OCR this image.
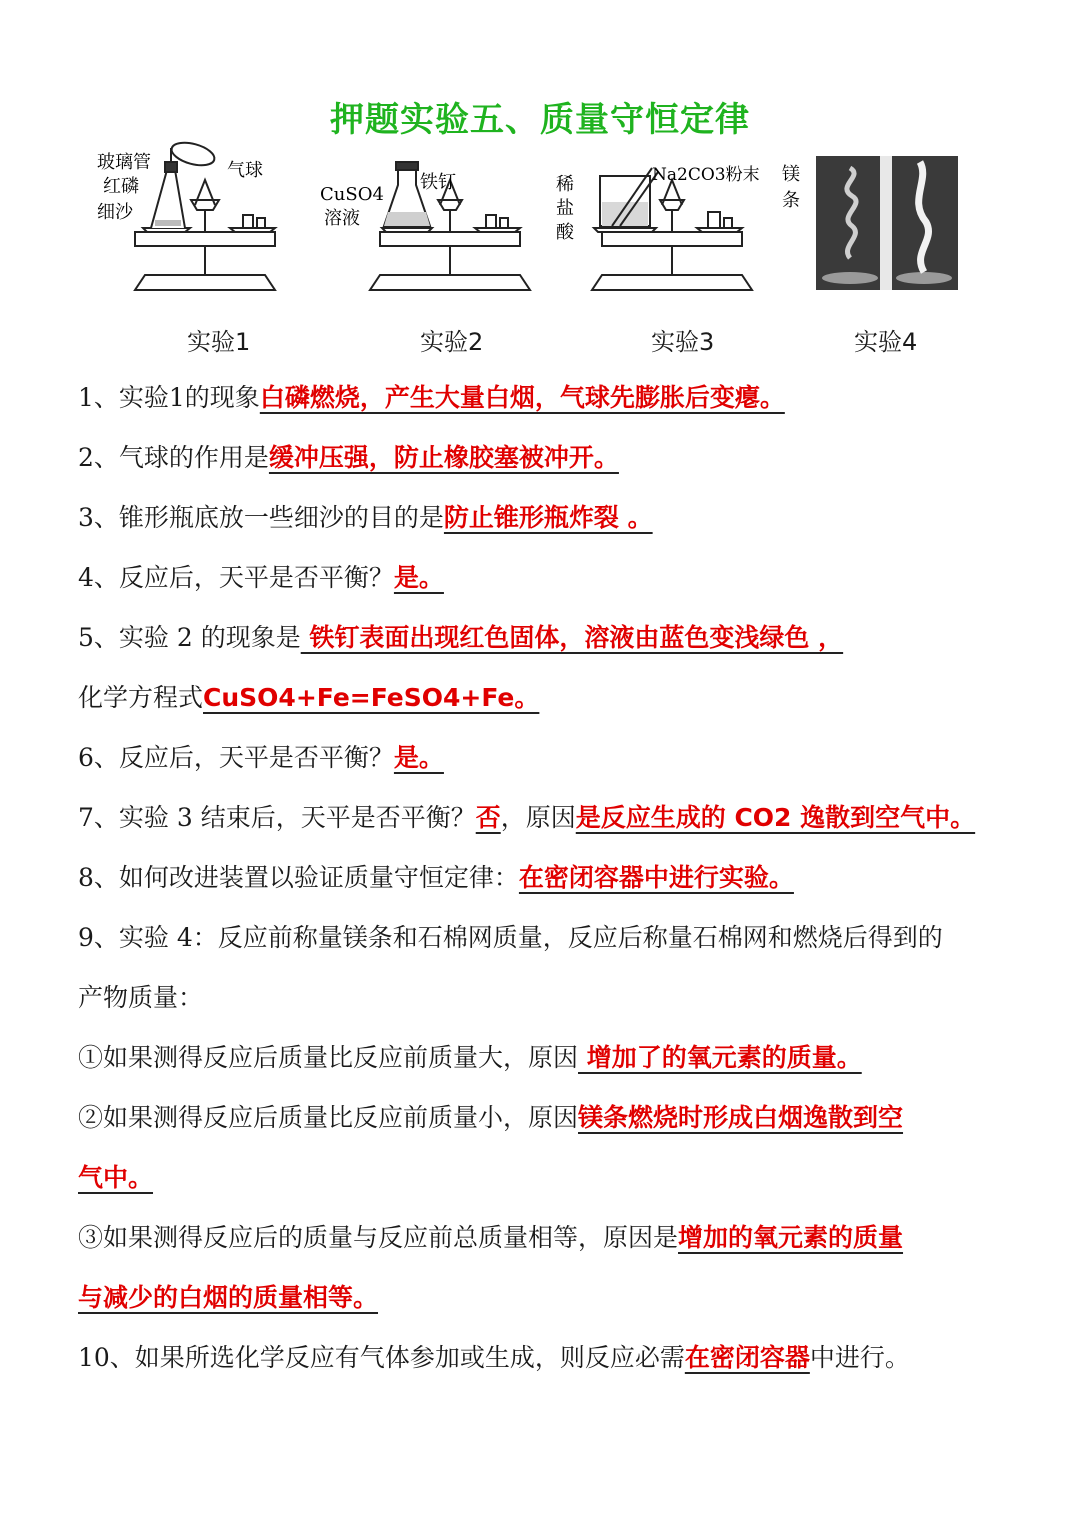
押题实验五、质量守恒定律
玻璃管
红磷
细沙
气球
CuSO4
溶液
铁钉	稀
盐
酸
Na2CO3粉末 镁
条
实验1	实验2	实验3	实验4
1、实验1的现象白磷燃烧，产生大量白烟，气球先膨胀后变瘪。
2、气球的作用是缓冲压强，防止橡胶塞被冲开。
3、锥形瓶底放一些细沙的目的是防止锥形瓶炸裂 。
4、反应后，天平是否平衡？是。
5、实验 2 的现象是 铁钉表面出现红色固体，溶液由蓝色变浅绿色 ，
化学方程式CuSO4+Fe=FeSO4+Fe。
6、反应后，天平是否平衡？是。
7、实验 3 结束后，天平是否平衡？否，原因是反应生成的 CO2 逸散到空气中。
8、如何改进装置以验证质量守恒定律：在密闭容器中进行实验。
9、实验 4：反应前称量镁条和石棉网质量，反应后称量石棉网和燃烧后得到的
产物质量：
①如果测得反应后质量比反应前质量大，原因 增加了的氧元素的质量。
②如果测得反应后质量比反应前质量小，原因镁条燃烧时形成白烟逸散到空
气中。
③如果测得反应后的质量与反应前总质量相等，原因是增加的氧元素的质量
与减少的白烟的质量相等。
10、如果所选化学反应有气体参加或生成，则反应必需在密闭容器中进行。
